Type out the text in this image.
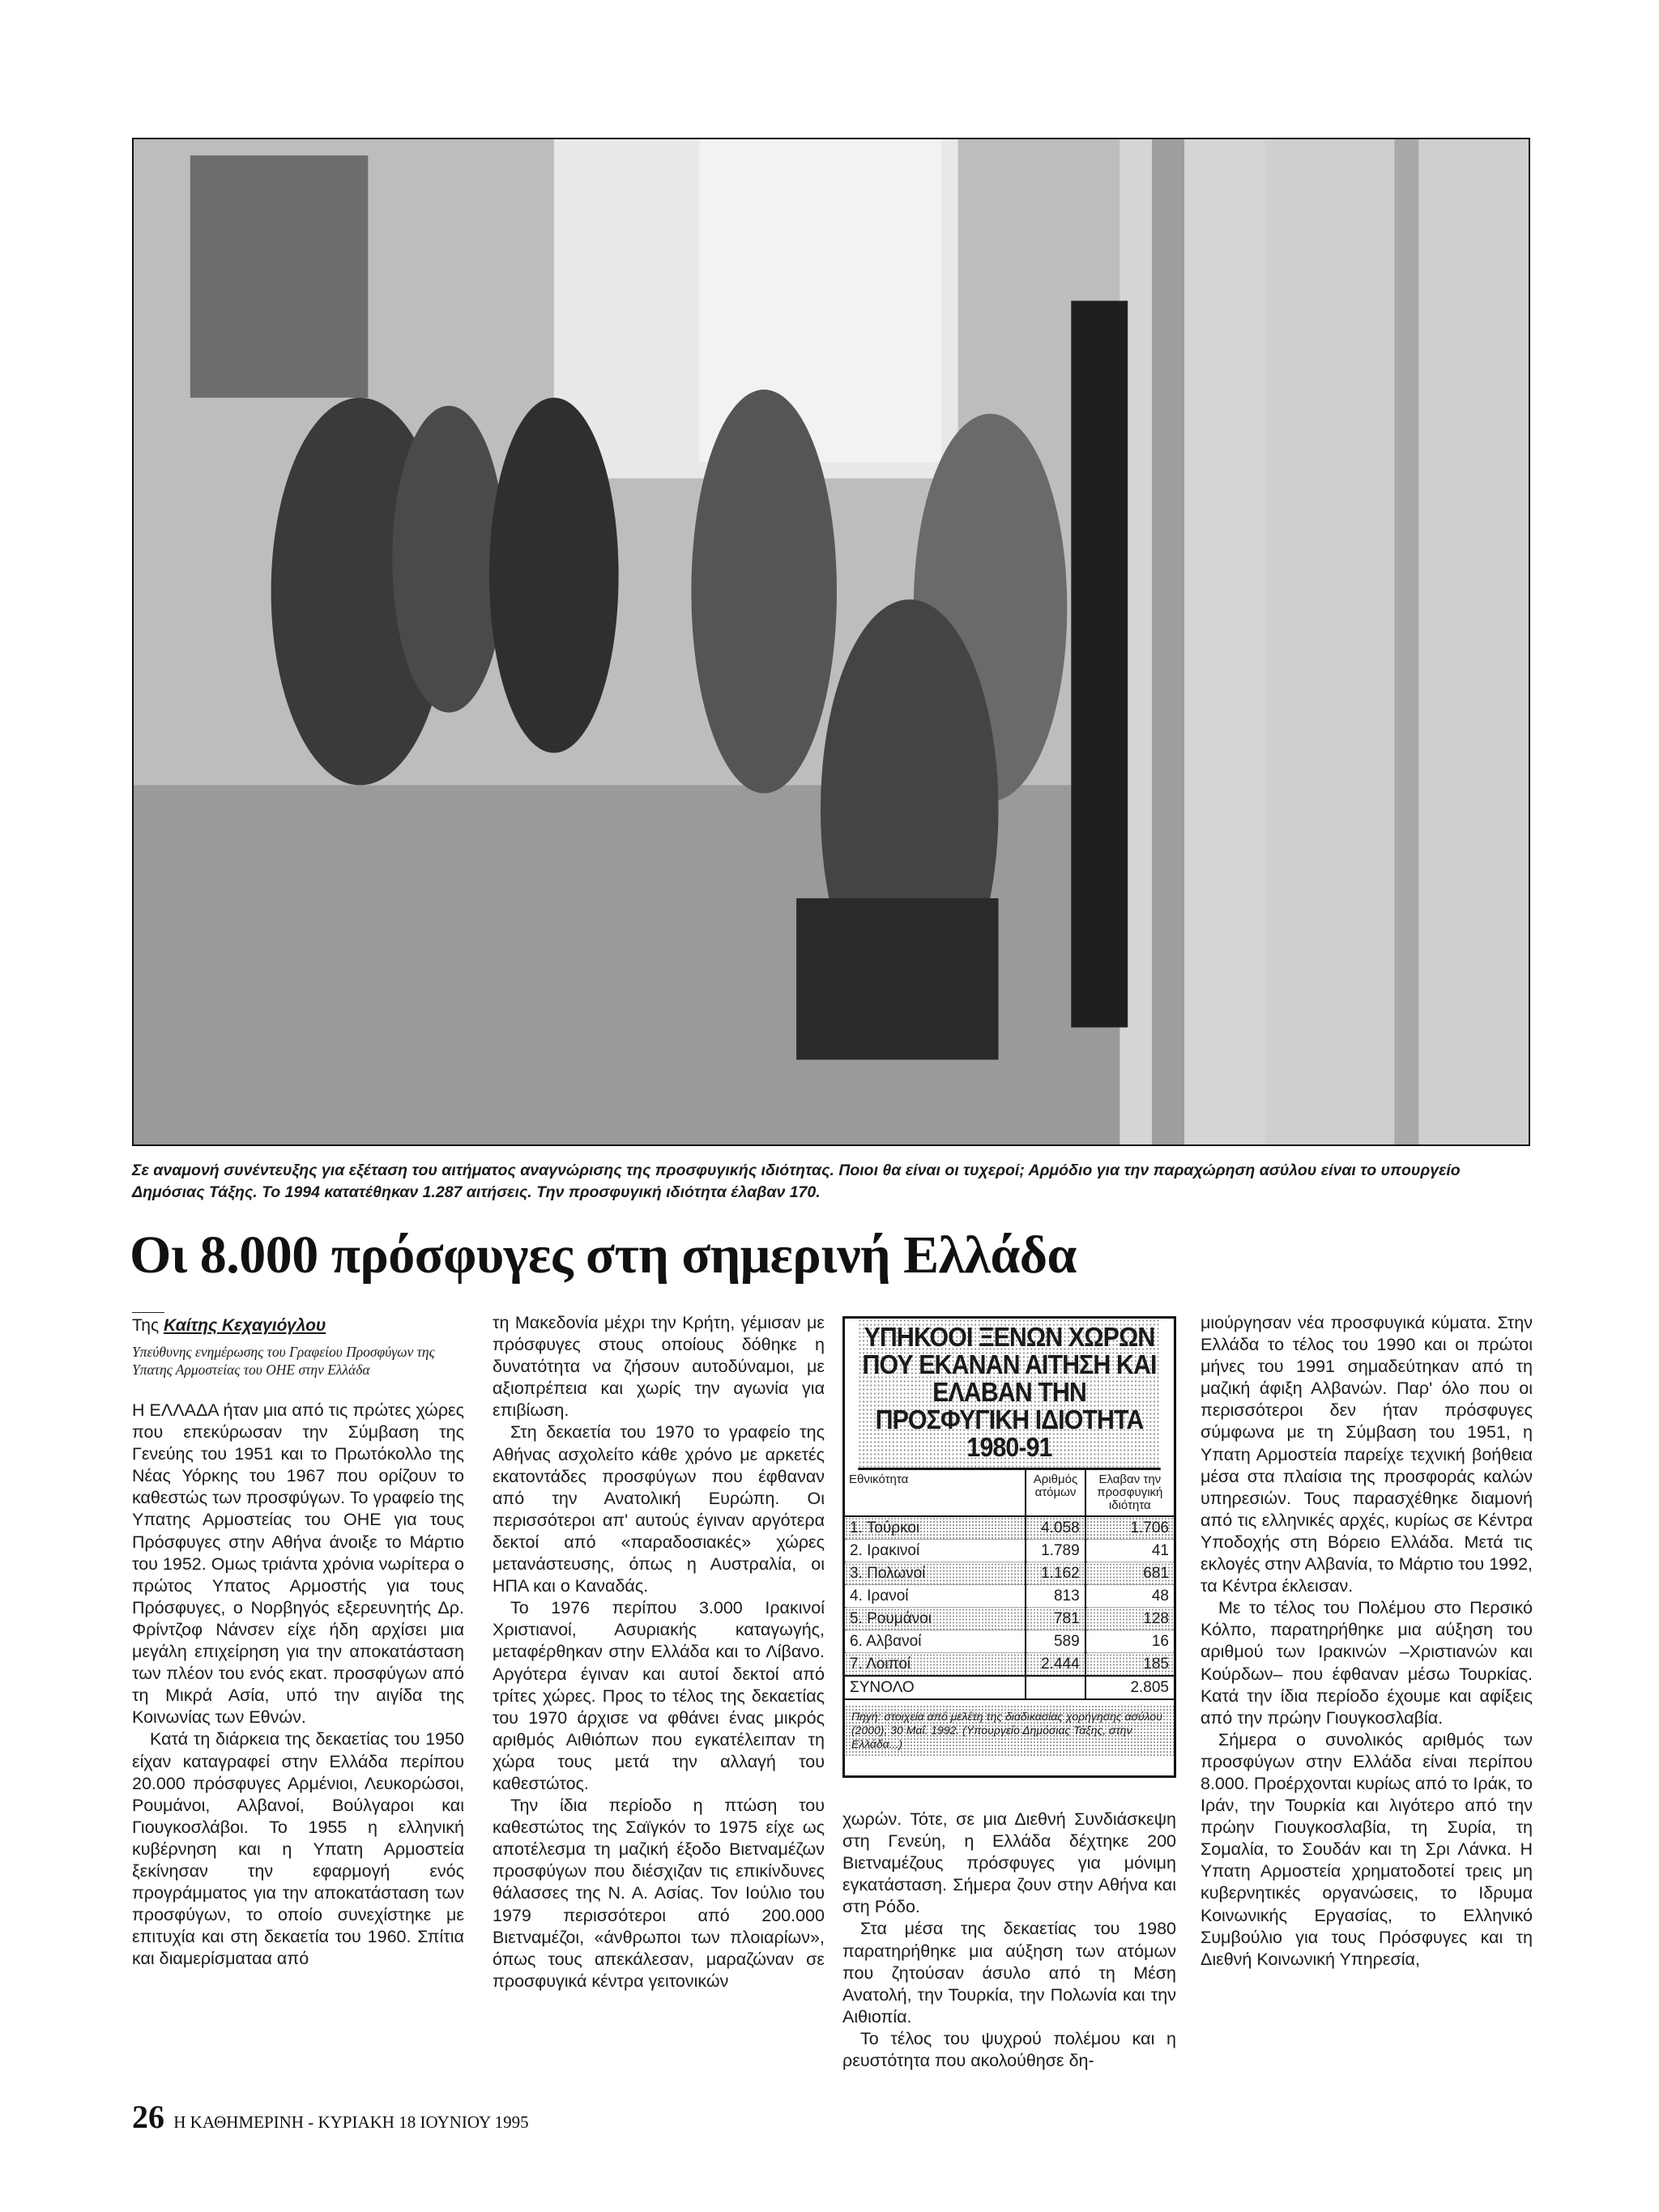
Σε αναμονή συνέντευξης για εξέταση του αιτήματος αναγνώρισης της προσφυγικής ιδιότητας. Ποιοι θα είναι οι τυχεροί; Αρμόδιο για την παραχώρηση ασύλου είναι το υπουργείο Δημόσιας Τάξης. Το 1994 κατατέθηκαν 1.287 αιτήσεις. Την προσφυγική ιδιότητα έλαβαν 170.
Οι 8.000 πρόσφυγες στη σημερινή Ελλάδα
Της Καίτης Κεχαγιόγλου
Υπεύθυνης ενημέρωσης του Γραφείου Προσφύγων της Υπατης Αρμοστείας του ΟΗΕ στην Ελλάδα

Η ΕΛΛΑΔΑ ήταν μια από τις πρώτες χώρες που επεκύρωσαν την Σύμβαση της Γενεύης του 1951 και το Πρωτόκολλο της Νέας Υόρκης του 1967 που ορίζουν το καθεστώς των προσφύγων. Το γραφείο της Υπατης Αρμοστείας του ΟΗΕ για τους Πρόσφυγες στην Αθήνα άνοιξε το Μάρτιο του 1952. Ομως τριάντα χρόνια νωρίτερα ο πρώτος Υπατος Αρμοστής για τους Πρόσφυγες, ο Νορβηγός εξερευνητής Δρ. Φρίντζοφ Νάνσεν είχε ήδη αρχίσει μια μεγάλη επιχείρηση για την αποκατάσταση των πλέον του ενός εκατ. προσφύγων από τη Μικρά Ασία, υπό την αιγίδα της Κοινωνίας των Εθνών.

Κατά τη διάρκεια της δεκαετίας του 1950 είχαν καταγραφεί στην Ελλάδα περίπου 20.000 πρόσφυγες Αρμένιοι, Λευκορώσοι, Ρουμάνοι, Αλβανοί, Βούλγαροι και Γιουγκοσλάβοι. Το 1955 η ελληνική κυβέρνηση και η Υπατη Αρμοστεία ξεκίνησαν την εφαρμογή ενός προγράμματος για την αποκατάσταση των προσφύγων, το οποίο συνεχίστηκε με επιτυχία και στη δεκαετία του 1960. Σπίτια και διαμερίσματαα από

τη Μακεδονία μέχρι την Κρήτη, γέμισαν με πρόσφυγες στους οποίους δόθηκε η δυνατότητα να ζήσουν αυτοδύναμοι, με αξιοπρέπεια και χωρίς την αγωνία για επιβίωση.

Στη δεκαετία του 1970 το γραφείο της Αθήνας ασχολείτο κάθε χρόνο με αρκετές εκατοντάδες προσφύγων που έφθαναν από την Ανατολική Ευρώπη. Οι περισσότεροι απ' αυτούς έγιναν αργότερα δεκτοί από «παραδοσιακές» χώρες μετανάστευσης, όπως η Αυστραλία, οι ΗΠΑ και ο Καναδάς.

Το 1976 περίπου 3.000 Ιρακινοί Χριστιανοί, Ασυριακής καταγωγής, μεταφέρθηκαν στην Ελλάδα και το Λίβανο. Αργότερα έγιναν και αυτοί δεκτοί από τρίτες χώρες. Προς το τέλος της δεκαετίας του 1970 άρχισε να φθάνει ένας μικρός αριθμός Αιθιόπων που εγκατέλειπαν τη χώρα τους μετά την αλλαγή του καθεστώτος.

Την ίδια περίοδο η πτώση του καθεστώτος της Σαϊγκόν το 1975 είχε ως αποτέλεσμα τη μαζική έξοδο Βιετναμέζων προσφύγων που διέσχιζαν τις επικίνδυνες θάλασσες της Ν. Α. Ασίας. Τον Ιούλιο του 1979 περισσότεροι από 200.000 Βιετναμέζοι, «άνθρωποι των πλοιαρίων», όπως τους απεκάλεσαν, μαραζώναν σε προσφυγικά κέντρα γειτονικών

ΥΠΗΚΟΟΙ ΞΕΝΩΝ ΧΩΡΩΝ ΠΟΥ ΕΚΑΝΑΝ ΑΙΤΗΣΗ ΚΑΙ ΕΛΑΒΑΝ ΤΗΝ ΠΡΟΣΦΥΓΙΚΗ ΙΔΙΟΤΗΤΑ 1980-91
Εθνικότητα	Αριθμός ατόμων	Ελαβαν την προσφυγική ιδιότητα
1. Τούρκοι	4.058	1.706
2. Ιρακινοί	1.789	41
3. Πολωνοί	1.162	681
4. Ιρανοί	813	48
5. Ρουμάνοι	781	128
6. Αλβανοί	589	16
7. Λοιποί	2.444	185
ΣΥΝΟΛΟ		2.805
Πηγή: στοιχεία από μελέτη της διαδικασίας χορήγησης ασύλου (2000), 30 Μαΐ. 1992. (Υπουργείο Δημόσιας Τάξης, στην Ελλάδα...)

χωρών. Τότε, σε μια Διεθνή Συνδιάσκεψη στη Γενεύη, η Ελλάδα δέχτηκε 200 Βιετναμέζους πρόσφυγες για μόνιμη εγκατάσταση. Σήμερα ζουν στην Αθήνα και στη Ρόδο.

Στα μέσα της δεκαετίας του 1980 παρατηρήθηκε μια αύξηση των ατόμων που ζητούσαν άσυλο από τη Μέση Ανατολή, την Τουρκία, την Πολωνία και την Αιθιοπία.

Το τέλος του ψυχρού πολέμου και η ρευστότητα που ακολούθησε δη-

μιούργησαν νέα προσφυγικά κύματα. Στην Ελλάδα το τέλος του 1990 και οι πρώτοι μήνες του 1991 σημαδεύτηκαν από τη μαζική άφιξη Αλβανών. Παρ' όλο που οι περισσότεροι δεν ήταν πρόσφυγες σύμφωνα με τη Σύμβαση του 1951, η Υπατη Αρμοστεία παρείχε τεχνική βοήθεια μέσα στα πλαίσια της προσφοράς καλών υπηρεσιών. Τους παρασχέθηκε διαμονή από τις ελληνικές αρχές, κυρίως σε Κέντρα Υποδοχής στη Βόρειο Ελλάδα. Μετά τις εκλογές στην Αλβανία, το Μάρτιο του 1992, τα Κέντρα έκλεισαν.

Με το τέλος του Πολέμου στο Περσικό Κόλπο, παρατηρήθηκε μια αύξηση του αριθμού των Ιρακινών –Χριστιανών και Κούρδων– που έφθαναν μέσω Τουρκίας. Κατά την ίδια περίοδο έχουμε και αφίξεις από την πρώην Γιουγκοσλαβία.

Σήμερα ο συνολικός αριθμός των προσφύγων στην Ελλάδα είναι περίπου 8.000. Προέρχονται κυρίως από το Ιράκ, το Ιράν, την Τουρκία και λιγότερο από την πρώην Γιουγκοσλαβία, τη Συρία, τη Σομαλία, το Σουδάν και τη Σρι Λάνκα. Η Υπατη Αρμοστεία χρηματοδοτεί τρεις μη κυβερνητικές οργανώσεις, το Ιδρυμα Κοινωνικής Εργασίας, το Ελληνικό Συμβούλιο για τους Πρόσφυγες και τη Διεθνή Κοινωνική Υπηρεσία,

26 Η ΚΑΘΗΜΕΡΙΝΗ - ΚΥΡΙΑΚΗ 18 ΙΟΥΝΙΟΥ 1995
